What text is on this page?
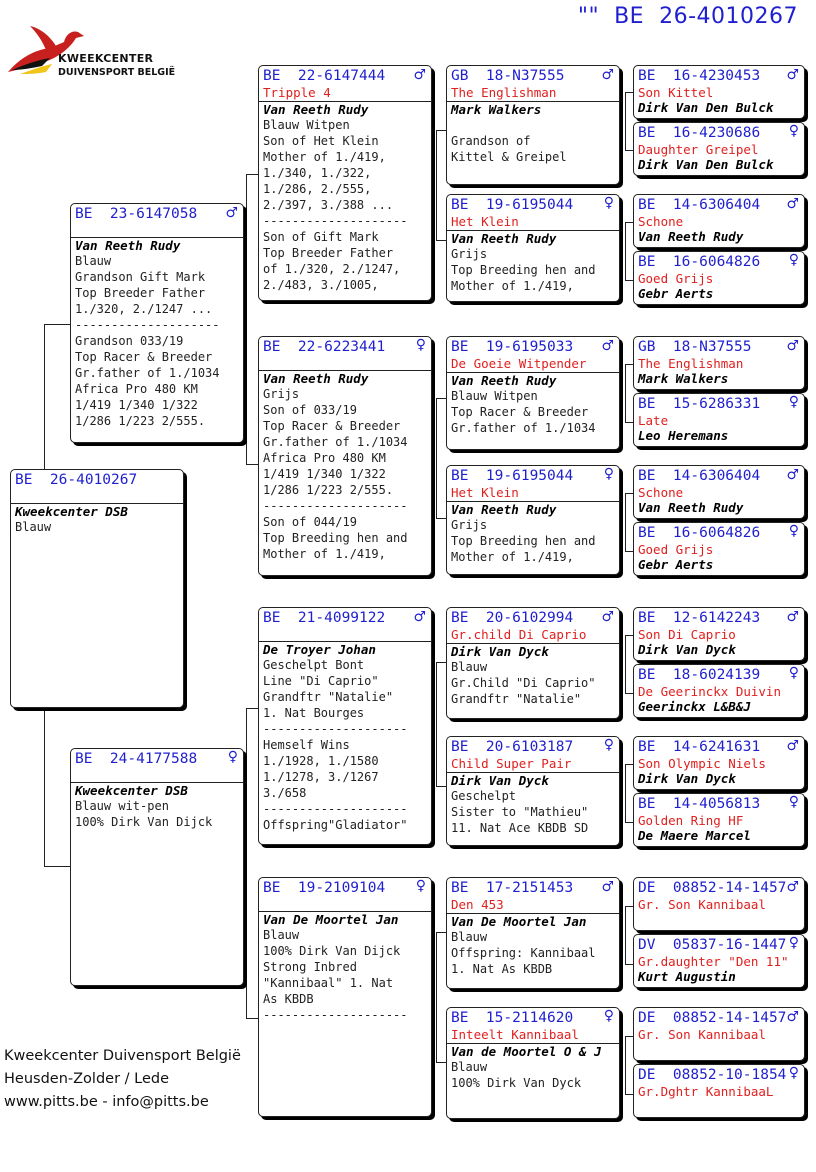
"" BE  26-4010267
KWEEKCENTER
DUIVENSPORT BELGIË
BE  26-4010267
Kweekcenter DSB
Blauw
♂
BE  23-6147058
Van Reeth Rudy
Blauw
Grandson Gift Mark
Top Breeder Father
1./320, 2./1247 ...
--------------------
Grandson 033/19
Top Racer & Breeder
Gr.father of 1./1034
Africa Pro 480 KM
1/419 1/340 1/322
1/286 1/223 2/555.
♀
BE  24-4177588
Kweekcenter DSB
Blauw wit-pen
100% Dirk Van Dijck
♂
BE  22-6147444
Tripple 4
Van Reeth Rudy
Blauw Witpen
Son of Het Klein
Mother of 1./419,
1./340, 1./322,
1./286, 2./555,
2./397, 3./388 ...
--------------------
Son of Gift Mark
Top Breeder Father
of 1./320, 2./1247,
2./483, 3./1005,
♀
BE  22-6223441
Van Reeth Rudy
Grijs
Son of 033/19
Top Racer & Breeder
Gr.father of 1./1034
Africa Pro 480 KM
1/419 1/340 1/322
1/286 1/223 2/555.
--------------------
Son of 044/19
Top Breeding hen and
Mother of 1./419,
♂
BE  21-4099122
De Troyer Johan
Geschelpt Bont
Line "Di Caprio"
Grandftr "Natalie"
1. Nat Bourges
--------------------
Hemself Wins
1./1928, 1./1580
1./1278, 3./1267
3./658
--------------------
Offspring"Gladiator"
♀
BE  19-2109104
Van De Moortel Jan
Blauw
100% Dirk Van Dijck
Strong Inbred
"Kannibaal" 1. Nat
As KBDB
--------------------
♂
GB  18-N37555
The Englishman
Mark Walkers

Grandson of
Kittel & Greipel
♀
BE  19-6195044
Het Klein
Van Reeth Rudy
Grijs
Top Breeding hen and
Mother of 1./419,
♂
BE  19-6195033
De Goeie Witpender
Van Reeth Rudy
Blauw Witpen
Top Racer & Breeder
Gr.father of 1./1034
♀
BE  19-6195044
Het Klein
Van Reeth Rudy
Grijs
Top Breeding hen and
Mother of 1./419,
♂
BE  20-6102994
Gr.child Di Caprio
Dirk Van Dyck
Blauw
Gr.Child "Di Caprio"
Grandftr "Natalie"
♀
BE  20-6103187
Child Super Pair
Dirk Van Dyck
Geschelpt
Sister to "Mathieu"
11. Nat Ace KBDB SD
♂
BE  17-2151453
Den 453
Van De Moortel Jan
Blauw
Offspring: Kannibaal
1. Nat As KBDB
♀
BE  15-2114620
Inteelt Kannibaal
Van de Moortel O & J
Blauw
100% Dirk Van Dyck
♂
BE  16-4230453
Son Kittel
Dirk Van Den Bulck
♀
BE  16-4230686
Daughter Greipel
Dirk Van Den Bulck
♂
BE  14-6306404
Schone
Van Reeth Rudy
♀
BE  16-6064826
Goed Grijs
Gebr Aerts
♂
GB  18-N37555
The Englishman
Mark Walkers
♀
BE  15-6286331
Late
Leo Heremans
♂
BE  14-6306404
Schone
Van Reeth Rudy
♀
BE  16-6064826
Goed Grijs
Gebr Aerts
♂
BE  12-6142243
Son Di Caprio
Dirk Van Dyck
♀
BE  18-6024139
De Geerinckx Duivin
Geerinckx L&B&J
♂
BE  14-6241631
Son Olympic Niels
Dirk Van Dyck
♀
BE  14-4056813
Golden Ring HF
De Maere Marcel
♂
DE  08852-14-1457
Gr. Son Kannibaal
♀
DV  05837-16-1447
Gr.daughter "Den 11"
Kurt Augustin
♂
DE  08852-14-1457
Gr. Son Kannibaal
♀
DE  08852-10-1854
Gr.Dghtr KannibaaL
Kweekcenter Duivensport België
Heusden-Zolder / Lede
www.pitts.be - info@pitts.be
